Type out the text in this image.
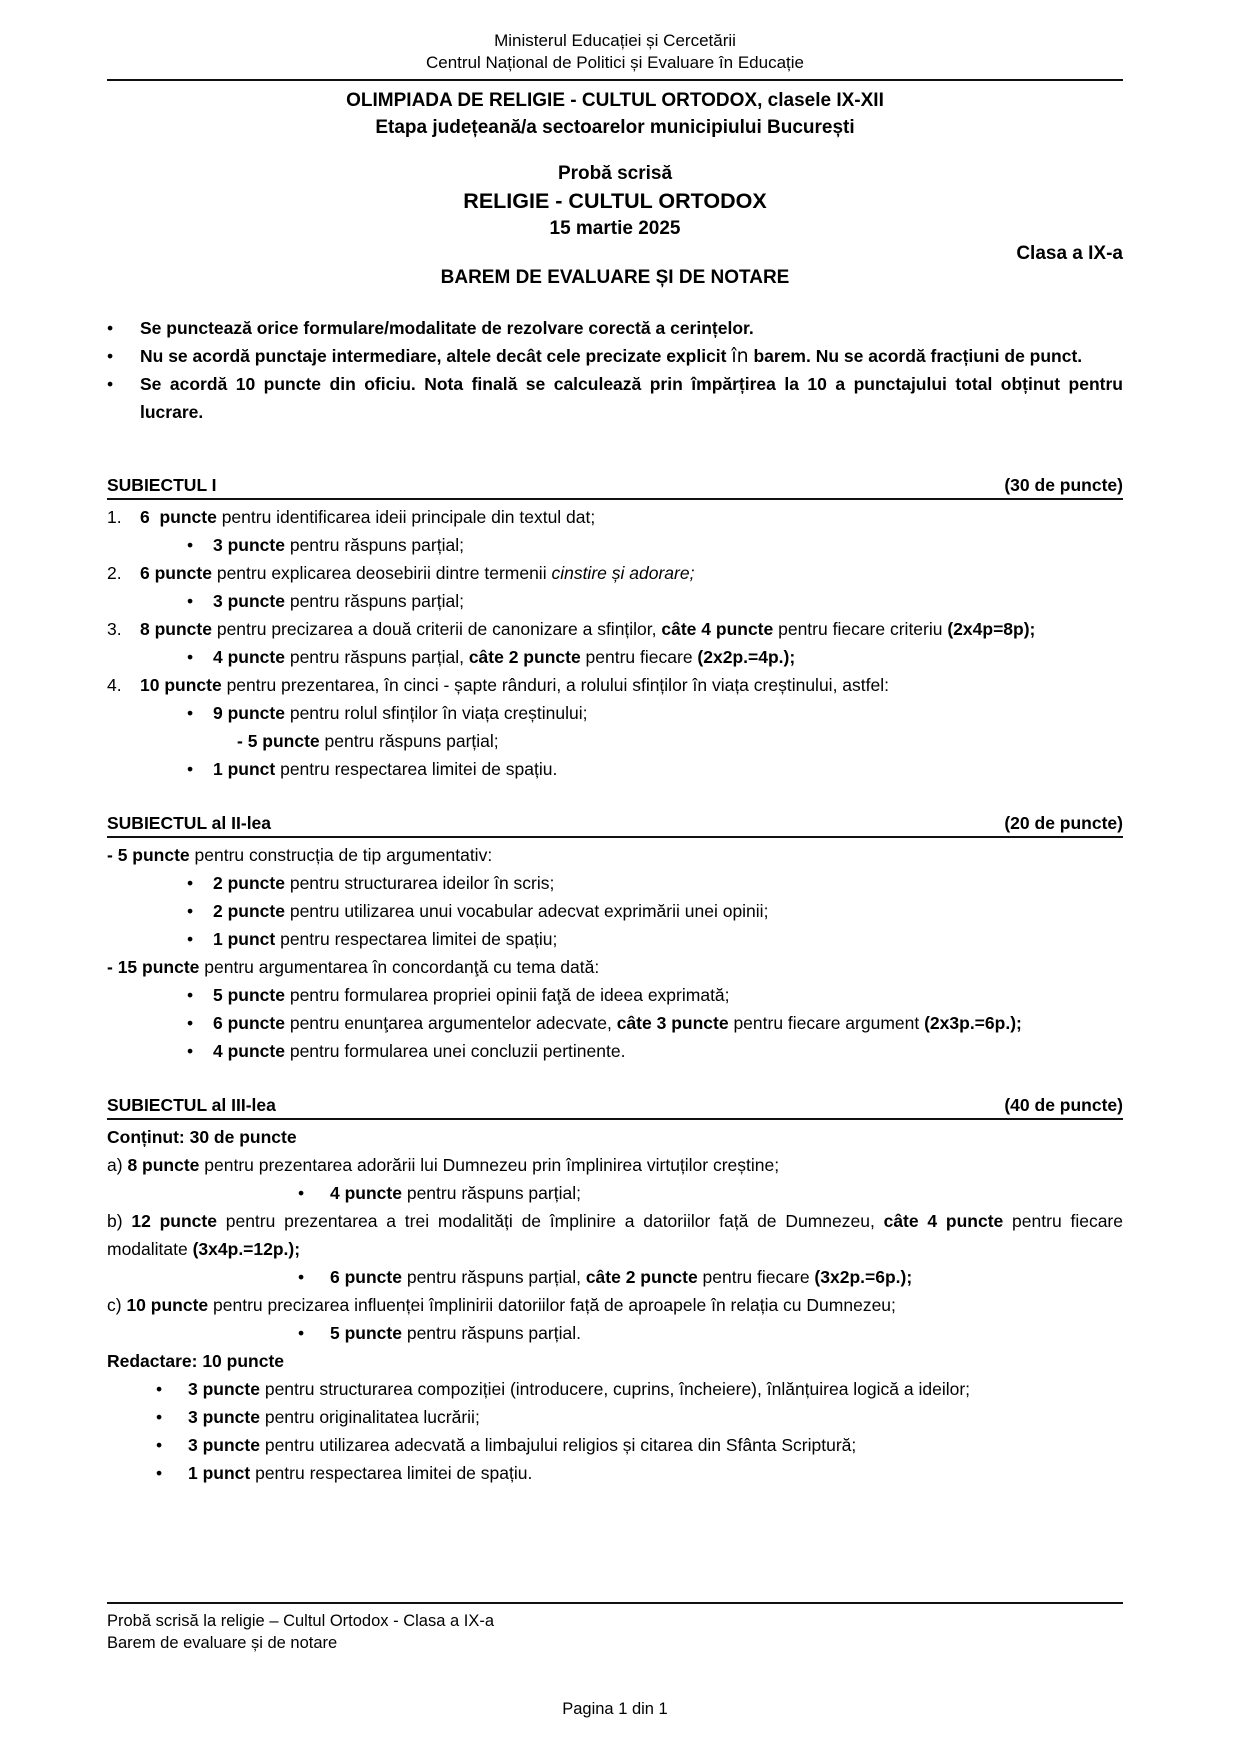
Ministerul Educației și Cercetării
Centrul Național de Politici și Evaluare în Educație
OLIMPIADA DE RELIGIE - CULTUL ORTODOX, clasele IX-XII
Etapa județeană/a sectoarelor municipiului București
Probă scrisă
RELIGIE - CULTUL ORTODOX
15 martie 2025
Clasa a IX-a
BAREM DE EVALUARE ȘI DE NOTARE
• Se punctează orice formulare/modalitate de rezolvare corectă a cerințelor.
• Nu se acordă punctaje intermediare, altele decât cele precizate explicit în barem. Nu se acordă fracțiuni de punct.
• Se acordă 10 puncte din oficiu. Nota finală se calculează prin împărțirea la 10 a punctajului total obținut pentru lucrare.
SUBIECTUL I	(30 de puncte)
1. 6  puncte pentru identificarea ideii principale din textul dat;
• 3 puncte pentru răspuns parțial;
2. 6 puncte pentru explicarea deosebirii dintre termenii cinstire și adorare;
• 3 puncte pentru răspuns parțial;
3. 8 puncte pentru precizarea a două criterii de canonizare a sfinților, câte 4 puncte pentru fiecare criteriu (2x4p=8p);
• 4 puncte pentru răspuns parțial, câte 2 puncte pentru fiecare (2x2p.=4p.);
4. 10 puncte pentru prezentarea, în cinci - șapte rânduri, a rolului sfinților în viața creștinului, astfel:
• 9 puncte pentru rolul sfinților în viața creștinului;
- 5 puncte pentru răspuns parțial;
• 1 punct pentru respectarea limitei de spațiu.
SUBIECTUL al II-lea	(20 de puncte)
- 5 puncte pentru construcția de tip argumentativ:
• 2 puncte pentru structurarea ideilor în scris;
• 2 puncte pentru utilizarea unui vocabular adecvat exprimării unei opinii;
• 1 punct pentru respectarea limitei de spațiu;
- 15 puncte pentru argumentarea în concordanţă cu tema dată:
• 5 puncte pentru formularea propriei opinii faţă de ideea exprimată;
• 6 puncte pentru enunţarea argumentelor adecvate, câte 3 puncte pentru fiecare argument (2x3p.=6p.);
• 4 puncte pentru formularea unei concluzii pertinente.
SUBIECTUL al III-lea	(40 de puncte)
Conținut: 30 de puncte
a) 8 puncte pentru prezentarea adorării lui Dumnezeu prin împlinirea virtuților creștine;
• 4 puncte pentru răspuns parțial;
b) 12 puncte pentru prezentarea a trei modalități de împlinire a datoriilor față de Dumnezeu, câte 4 puncte pentru fiecare modalitate (3x4p.=12p.);
• 6 puncte pentru răspuns parțial, câte 2 puncte pentru fiecare (3x2p.=6p.);
c) 10 puncte pentru precizarea influenței împlinirii datoriilor față de aproapele în relația cu Dumnezeu;
• 5 puncte pentru răspuns parțial.
Redactare: 10 puncte
• 3 puncte pentru structurarea compoziției (introducere, cuprins, încheiere), înlănțuirea logică a ideilor;
• 3 puncte pentru originalitatea lucrării;
• 3 puncte pentru utilizarea adecvată a limbajului religios și citarea din Sfânta Scriptură;
• 1 punct pentru respectarea limitei de spațiu.
Probă scrisă la religie – Cultul Ortodox - Clasa a IX-a
Barem de evaluare și de notare
Pagina 1 din 1
